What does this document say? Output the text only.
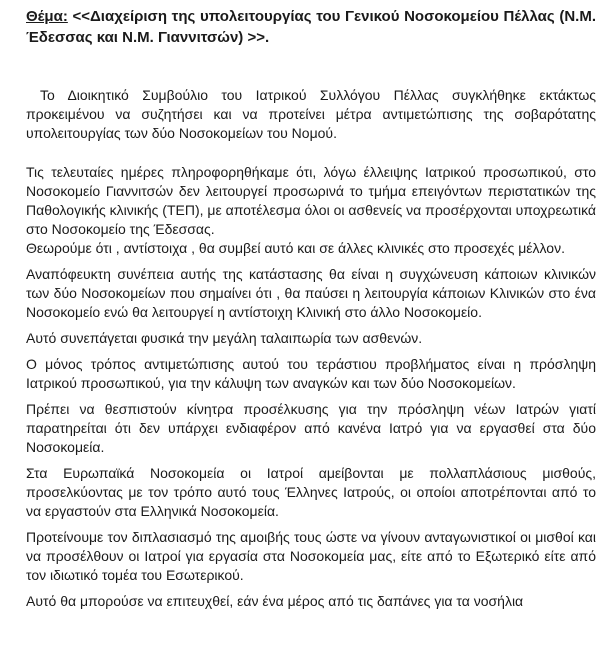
Θέμα: <<Διαχείριση της υπολειτουργίας του Γενικού Νοσοκομείου Πέλλας (Ν.Μ. Έδεσσας και Ν.Μ. Γιαννιτσών) >>.

Το Διοικητικό Συμβούλιο του Ιατρικού Συλλόγου Πέλλας συγκλήθηκε εκτάκτως προκειμένου να συζητήσει και να προτείνει μέτρα αντιμετώπισης της σοβαρότατης υπολειτουργίας των δύο Νοσοκομείων του Νομού.

Τις τελευταίες ημέρες πληροφορηθήκαμε ότι, λόγω έλλειψης Ιατρικού προσωπικού, στο Νοσοκομείο Γιαννιτσών δεν λειτουργεί προσωρινά το τμήμα επειγόντων περιστατικών της Παθολογικής κλινικής (ΤΕΠ), με αποτέλεσμα όλοι οι ασθενείς να προσέρχονται υποχρεωτικά στο Νοσοκομείο της Έδεσσας.

Θεωρούμε ότι , αντίστοιχα , θα συμβεί αυτό και σε άλλες κλινικές στο προσεχές μέλλον.

Αναπόφευκτη συνέπεια αυτής της κατάστασης θα είναι η συγχώνευση κάποιων κλινικών των δύο Νοσοκομείων που σημαίνει ότι , θα παύσει η λειτουργία κάποιων Κλινικών στο ένα Νοσοκομείο ενώ θα λειτουργεί η αντίστοιχη Κλινική στο άλλο Νοσοκομείο.

Αυτό συνεπάγεται φυσικά την μεγάλη ταλαιπωρία των ασθενών.

Ο μόνος τρόπος αντιμετώπισης αυτού του τεράστιου προβλήματος είναι η πρόσληψη Ιατρικού προσωπικού, για την κάλυψη των αναγκών και των δύο Νοσοκομείων.

Πρέπει να θεσπιστούν κίνητρα προσέλκυσης για την πρόσληψη νέων Ιατρών γιατί παρατηρείται ότι δεν υπάρχει ενδιαφέρον από κανένα Ιατρό για να εργασθεί στα δύο Νοσοκομεία.

Στα Ευρωπαϊκά Νοσοκομεία οι Ιατροί αμείβονται με πολλαπλάσιους μισθούς, προσελκύοντας με τον τρόπο αυτό τους Έλληνες Ιατρούς, οι οποίοι αποτρέπονται από το να εργαστούν στα Ελληνικά Νοσοκομεία.

Προτείνουμε τον διπλασιασμό της αμοιβής τους ώστε να γίνουν ανταγωνιστικοί οι μισθοί και να προσέλθουν οι Ιατροί για εργασία στα Νοσοκομεία μας, είτε από το Εξωτερικό είτε από τον ιδιωτικό τομέα του Εσωτερικού.

Αυτό θα μπορούσε να επιτευχθεί, εάν ένα μέρος από τις δαπάνες για τα νοσήλια
